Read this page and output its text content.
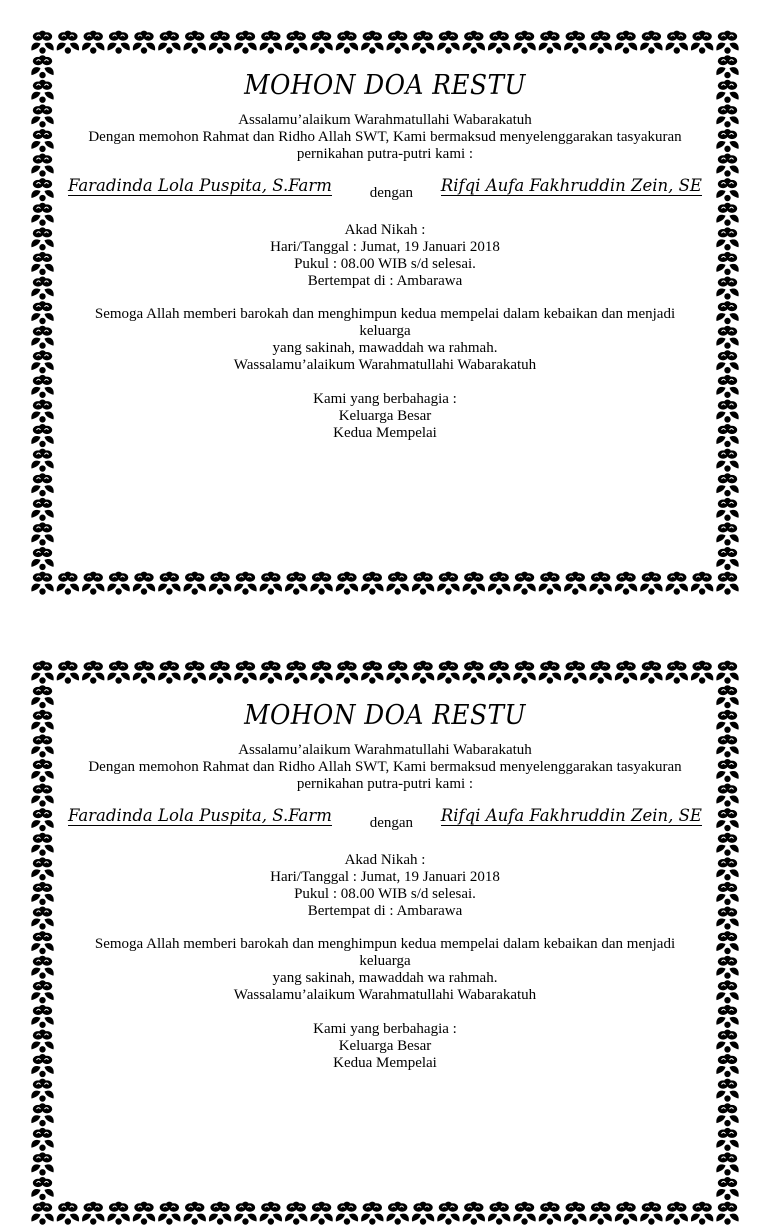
MOHON DOA RESTU
Assalamu’alaikum Warahmatullahi Wabarakatuh
Dengan memohon Rahmat dan Ridho Allah SWT, Kami bermaksud menyelenggarakan tasyakuran
pernikahan putra-putri kami :
Faradinda Lola Puspita, S.Farm	dengan Rifqi Aufa Fakhruddin Zein, SE
Akad Nikah :
Hari/Tanggal : Jumat, 19 Januari 2018
Pukul : 08.00 WIB s/d selesai.
Bertempat di : Ambarawa
Semoga Allah memberi barokah dan menghimpun kedua mempelai dalam kebaikan dan menjadi keluarga
yang sakinah, mawaddah wa rahmah.
Wassalamu’alaikum Warahmatullahi Wabarakatuh
Kami yang berbahagia :
Keluarga Besar
Kedua Mempelai
MOHON DOA RESTU
Assalamu’alaikum Warahmatullahi Wabarakatuh
Dengan memohon Rahmat dan Ridho Allah SWT, Kami bermaksud menyelenggarakan tasyakuran
pernikahan putra-putri kami :
Faradinda Lola Puspita, S.Farm	dengan Rifqi Aufa Fakhruddin Zein, SE
Akad Nikah :
Hari/Tanggal : Jumat, 19 Januari 2018
Pukul : 08.00 WIB s/d selesai.
Bertempat di : Ambarawa
Semoga Allah memberi barokah dan menghimpun kedua mempelai dalam kebaikan dan menjadi keluarga
yang sakinah, mawaddah wa rahmah.
Wassalamu’alaikum Warahmatullahi Wabarakatuh
Kami yang berbahagia :
Keluarga Besar
Kedua Mempelai
